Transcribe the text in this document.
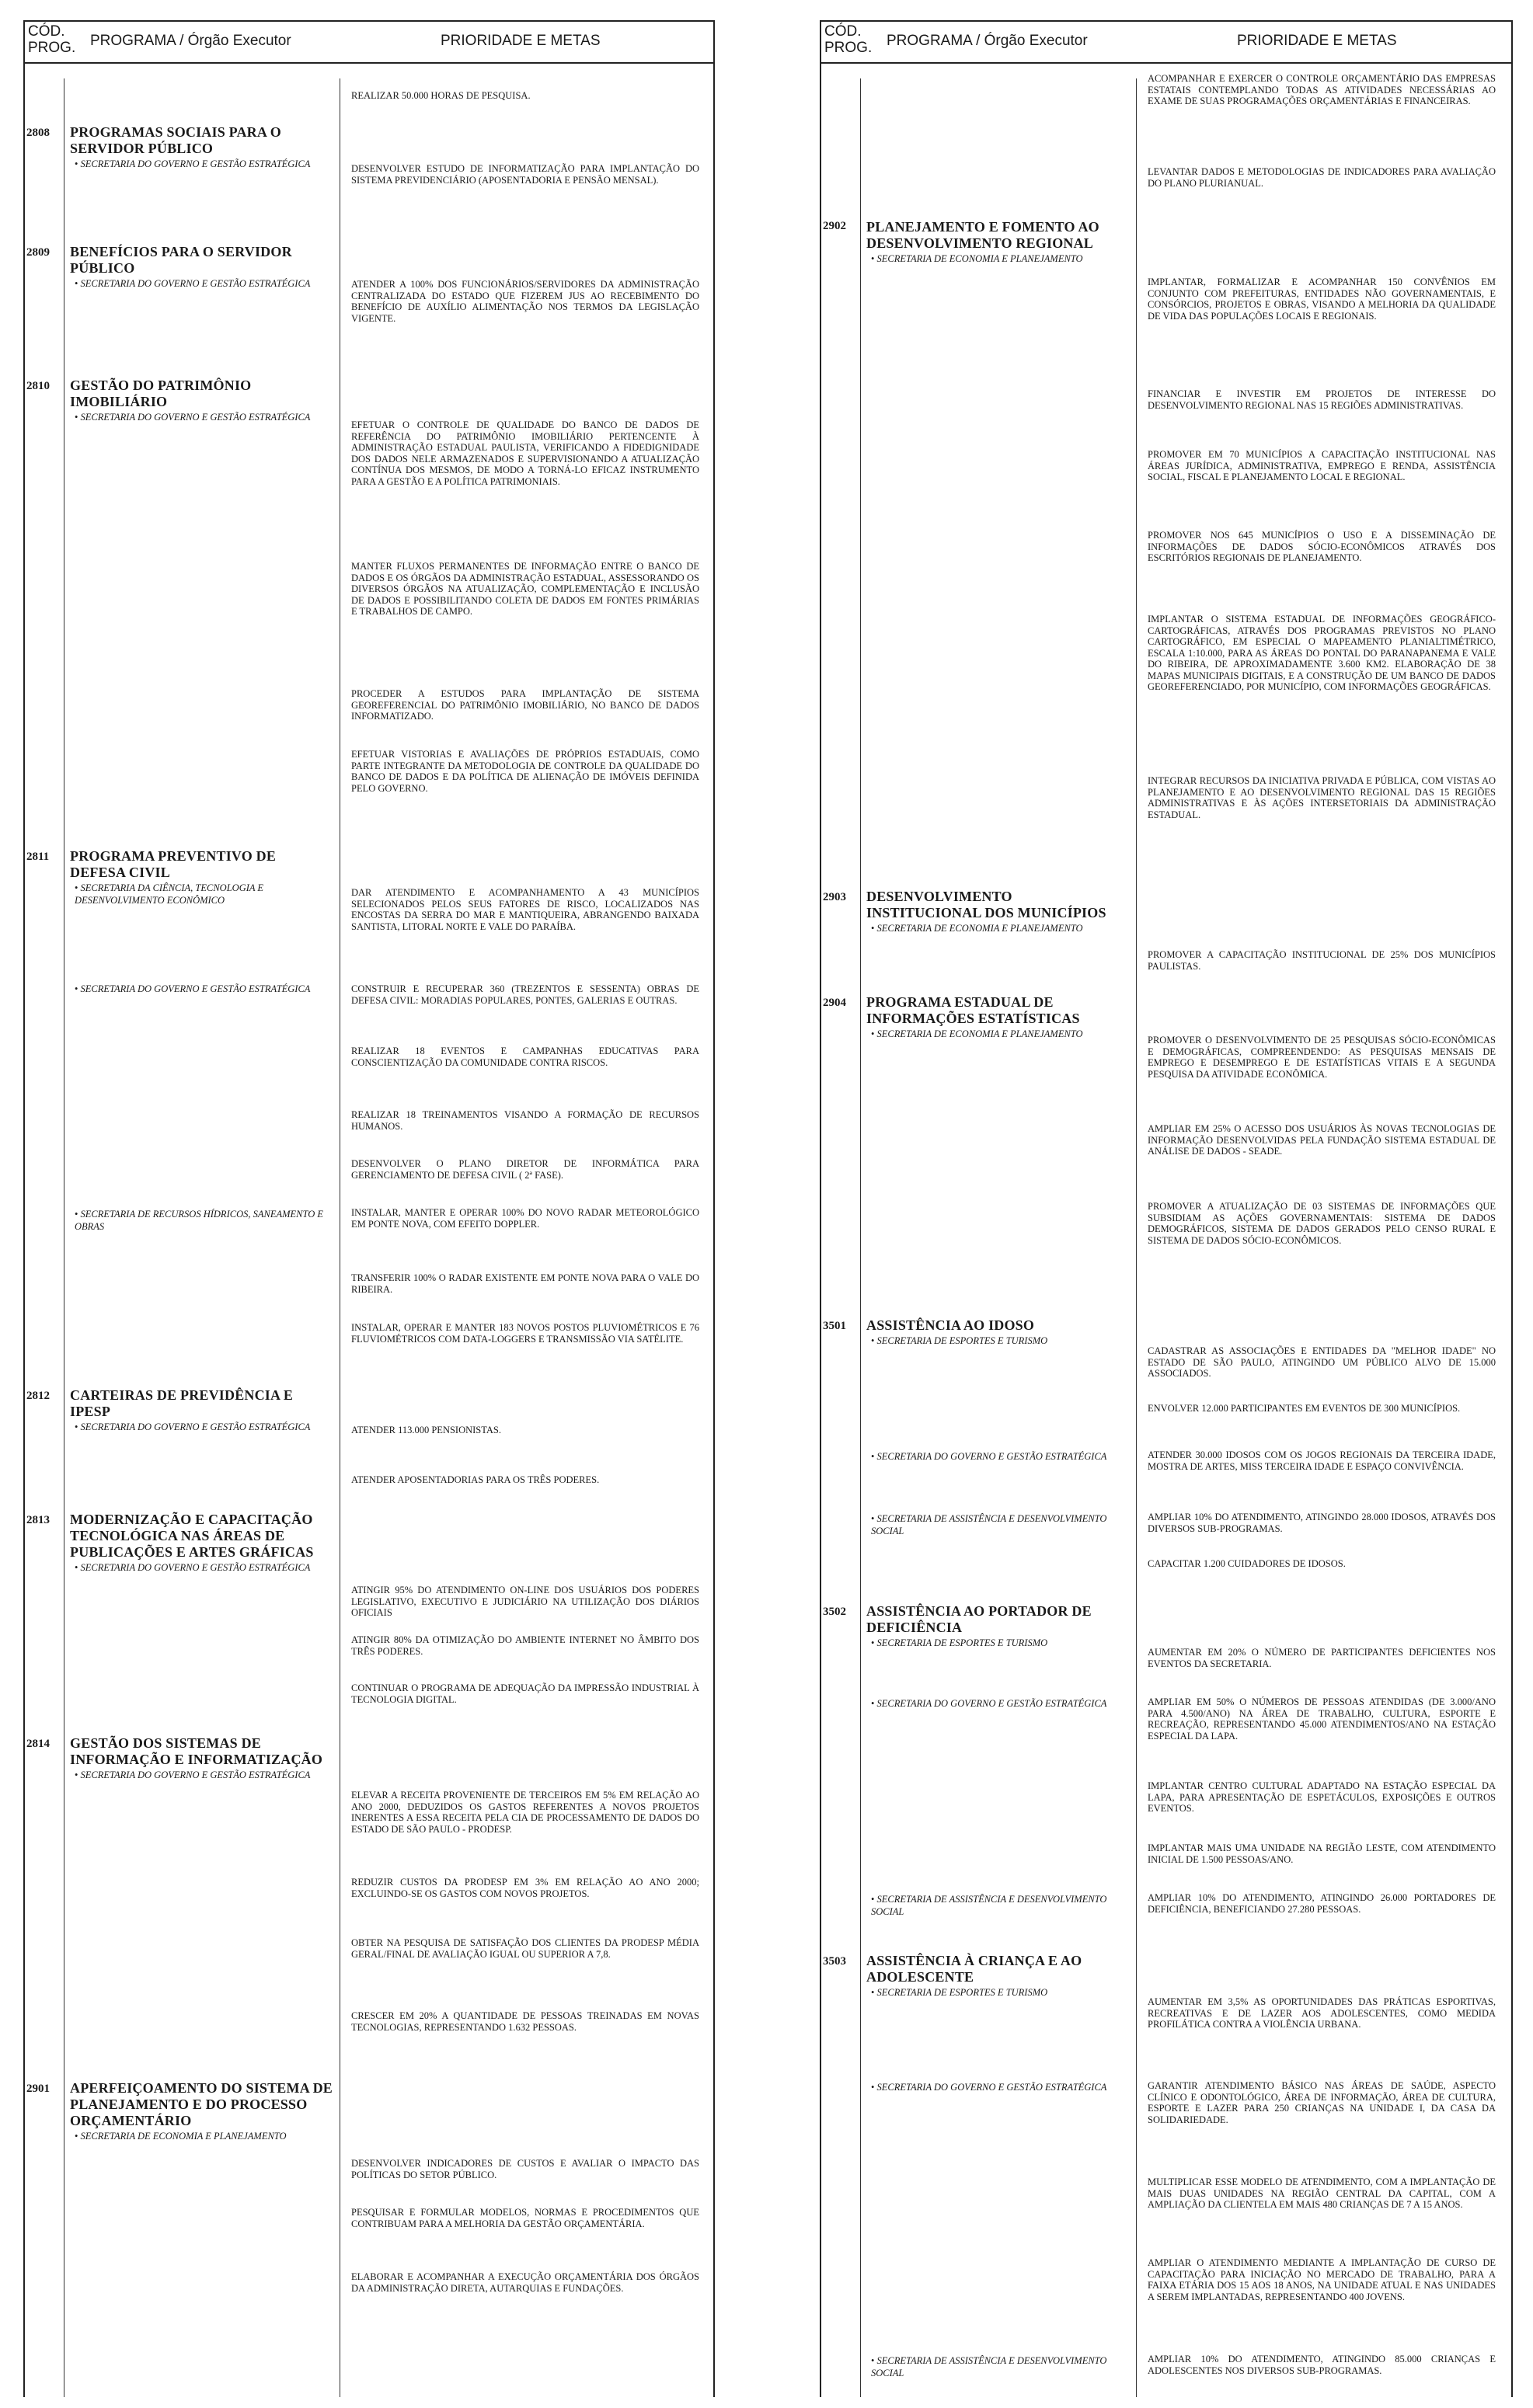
CÓD. PROG. PROGRAMA / Órgão Executor	PRIORIDADE E METAS
REALIZAR 50.000 HORAS DE PESQUISA.
2808	PROGRAMAS SOCIAIS PARA O SERVIDOR PÚBLICO
• SECRETARIA DO GOVERNO E GESTÃO ESTRATÉGICA	DESENVOLVER ESTUDO DE INFORMATIZAÇÃO PARA IMPLANTAÇÃO DO SISTEMA PREVIDENCIÁRIO (APOSENTADORIA E PENSÃO MENSAL).
2809	BENEFÍCIOS PARA O SERVIDOR PÚBLICO
• SECRETARIA DO GOVERNO E GESTÃO ESTRATÉGICA	ATENDER A 100% DOS FUNCIONÁRIOS/SERVIDORES DA ADMINISTRAÇÃO CENTRALIZADA DO ESTADO QUE FIZEREM JUS AO RECEBIMENTO DO BENEFÍCIO DE AUXÍLIO ALIMENTAÇÃO NOS TERMOS DA LEGISLAÇÃO VIGENTE.
2810	GESTÃO DO PATRIMÔNIO IMOBILIÁRIO
• SECRETARIA DO GOVERNO E GESTÃO ESTRATÉGICA
EFETUAR O CONTROLE DE QUALIDADE DO BANCO DE DADOS DE REFERÊNCIA DO PATRIMÔNIO IMOBILIÁRIO PERTENCENTE À ADMINISTRAÇÃO ESTADUAL PAULISTA, VERIFICANDO A FIDEDIGNIDADE DOS DADOS NELE ARMAZENADOS E SUPERVISIONANDO A ATUALIZAÇÃO CONTÍNUA DOS MESMOS, DE MODO A TORNÁ-LO EFICAZ INSTRUMENTO PARA A GESTÃO E A POLÍTICA PATRIMONIAIS.
MANTER FLUXOS PERMANENTES DE INFORMAÇÃO ENTRE O BANCO DE DADOS E OS ÓRGÃOS DA ADMINISTRAÇÃO ESTADUAL, ASSESSORANDO OS DIVERSOS ÓRGÃOS NA ATUALIZAÇÃO, COMPLEMENTAÇÃO E INCLUSÃO DE DADOS E POSSIBILITANDO COLETA DE DADOS EM FONTES PRIMÁRIAS E TRABALHOS DE CAMPO.
PROCEDER A ESTUDOS PARA IMPLANTAÇÃO DE SISTEMA GEOREFERENCIAL DO PATRIMÔNIO IMOBILIÁRIO, NO BANCO DE DADOS INFORMATIZADO.
EFETUAR VISTORIAS E AVALIAÇÕES DE PRÓPRIOS ESTADUAIS, COMO PARTE INTEGRANTE DA METODOLOGIA DE CONTROLE DA QUALIDADE DO BANCO DE DADOS E DA POLÍTICA DE ALIENAÇÃO DE IMÓVEIS DEFINIDA PELO GOVERNO.
2811	PROGRAMA PREVENTIVO DE DEFESA CIVIL
• SECRETARIA DA CIÊNCIA, TECNOLOGIA E DESENVOLVIMENTO ECONÔMICO
DAR ATENDIMENTO E ACOMPANHAMENTO A 43 MUNICÍPIOS SELECIONADOS PELOS SEUS FATORES DE RISCO, LOCALIZADOS NAS ENCOSTAS DA SERRA DO MAR E MANTIQUEIRA, ABRANGENDO BAIXADA SANTISTA, LITORAL NORTE E VALE DO PARAÍBA.
• SECRETARIA DO GOVERNO E GESTÃO ESTRATÉGICA	CONSTRUIR E RECUPERAR 360 (TREZENTOS E SESSENTA) OBRAS DE DEFESA CIVIL: MORADIAS POPULARES, PONTES, GALERIAS E OUTRAS.
REALIZAR 18 EVENTOS E CAMPANHAS EDUCATIVAS PARA CONSCIENTIZAÇÃO DA COMUNIDADE CONTRA RISCOS.
REALIZAR 18 TREINAMENTOS VISANDO A FORMAÇÃO DE RECURSOS HUMANOS.
DESENVOLVER O PLANO DIRETOR DE INFORMÁTICA PARA GERENCIAMENTO DE DEFESA CIVIL ( 2ª FASE).
• SECRETARIA DE RECURSOS HÍDRICOS, SANEAMENTO E OBRAS
INSTALAR, MANTER E OPERAR 100% DO NOVO RADAR METEOROLÓGICO EM PONTE NOVA, COM EFEITO DOPPLER.
TRANSFERIR 100% O RADAR EXISTENTE EM PONTE NOVA PARA O VALE DO RIBEIRA.
INSTALAR, OPERAR E MANTER 183 NOVOS POSTOS PLUVIOMÉTRICOS E 76 FLUVIOMÉTRICOS COM DATA-LOGGERS E TRANSMISSÃO VIA SATÉLITE.
2812	CARTEIRAS DE PREVIDÊNCIA E IPESP
• SECRETARIA DO GOVERNO E GESTÃO ESTRATÉGICA	ATENDER 113.000 PENSIONISTAS.
ATENDER APOSENTADORIAS PARA OS TRÊS PODERES.
2813	MODERNIZAÇÃO E CAPACITAÇÃO TECNOLÓGICA NAS ÁREAS DE PUBLICAÇÕES E ARTES GRÁFICAS
• SECRETARIA DO GOVERNO E GESTÃO ESTRATÉGICA
ATINGIR 95% DO ATENDIMENTO ON-LINE DOS USUÁRIOS DOS PODERES LEGISLATIVO, EXECUTIVO E JUDICIÁRIO NA UTILIZAÇÃO DOS DIÁRIOS OFICIAIS
ATINGIR 80% DA OTIMIZAÇÃO DO AMBIENTE INTERNET NO ÂMBITO DOS TRÊS PODERES.
CONTINUAR O PROGRAMA DE ADEQUAÇÃO DA IMPRESSÃO INDUSTRIAL À TECNOLOGIA DIGITAL.
2814	GESTÃO DOS SISTEMAS DE INFORMAÇÃO E INFORMATIZAÇÃO
• SECRETARIA DO GOVERNO E GESTÃO ESTRATÉGICA
ELEVAR A RECEITA PROVENIENTE DE TERCEIROS EM 5% EM RELAÇÃO AO ANO 2000, DEDUZIDOS OS GASTOS REFERENTES A NOVOS PROJETOS INERENTES A ESSA RECEITA PELA CIA DE PROCESSAMENTO DE DADOS DO ESTADO DE SÃO PAULO - PRODESP.
REDUZIR CUSTOS DA PRODESP EM 3% EM RELAÇÃO AO ANO 2000; EXCLUINDO-SE OS GASTOS COM NOVOS PROJETOS.
OBTER NA PESQUISA DE SATISFAÇÃO DOS CLIENTES DA PRODESP MÉDIA GERAL/FINAL DE AVALIAÇÃO IGUAL OU SUPERIOR A 7,8.
CRESCER EM 20% A QUANTIDADE DE PESSOAS TREINADAS EM NOVAS TECNOLOGIAS, REPRESENTANDO 1.632 PESSOAS.
2901	APERFEIÇOAMENTO DO SISTEMA DE PLANEJAMENTO E DO PROCESSO ORÇAMENTÁRIO
• SECRETARIA DE ECONOMIA E PLANEJAMENTO
DESENVOLVER INDICADORES DE CUSTOS E AVALIAR O IMPACTO DAS POLÍTICAS DO SETOR PÚBLICO.
PESQUISAR E FORMULAR MODELOS, NORMAS E PROCEDIMENTOS QUE CONTRIBUAM PARA A MELHORIA DA GESTÃO ORÇAMENTÁRIA.
ELABORAR E ACOMPANHAR A EXECUÇÃO ORÇAMENTÁRIA DOS ÓRGÃOS DA ADMINISTRAÇÃO DIRETA, AUTARQUIAS E FUNDAÇÕES.
CÓD. PROG. PROGRAMA / Órgão Executor	PRIORIDADE E METAS
ACOMPANHAR E EXERCER O CONTROLE ORÇAMENTÁRIO DAS EMPRESAS ESTATAIS CONTEMPLANDO TODAS AS ATIVIDADES NECESSÁRIAS AO EXAME DE SUAS PROGRAMAÇÕES ORÇAMENTÁRIAS E FINANCEIRAS.
LEVANTAR DADOS E METODOLOGIAS DE INDICADORES PARA AVALIAÇÃO DO PLANO PLURIANUAL.
2902	PLANEJAMENTO E FOMENTO AO DESENVOLVIMENTO REGIONAL
• SECRETARIA DE ECONOMIA E PLANEJAMENTO
IMPLANTAR, FORMALIZAR E ACOMPANHAR 150 CONVÊNIOS EM CONJUNTO COM PREFEITURAS, ENTIDADES NÃO GOVERNAMENTAIS, E CONSÓRCIOS, PROJETOS E OBRAS, VISANDO A MELHORIA DA QUALIDADE DE VIDA DAS POPULAÇÕES LOCAIS E REGIONAIS.
FINANCIAR E INVESTIR EM PROJETOS DE INTERESSE DO DESENVOLVIMENTO REGIONAL NAS 15 REGIÕES ADMINISTRATIVAS.
PROMOVER EM 70 MUNICÍPIOS A CAPACITAÇÃO INSTITUCIONAL NAS ÁREAS JURÍDICA, ADMINISTRATIVA, EMPREGO E RENDA, ASSISTÊNCIA SOCIAL, FISCAL E PLANEJAMENTO LOCAL E REGIONAL.
PROMOVER NOS 645 MUNICÍPIOS O USO E A DISSEMINAÇÃO DE INFORMAÇÕES DE DADOS SÓCIO-ECONÔMICOS ATRAVÉS DOS ESCRITÓRIOS REGIONAIS DE PLANEJAMENTO.
IMPLANTAR O SISTEMA ESTADUAL DE INFORMAÇÕES GEOGRÁFICO-CARTOGRÁFICAS, ATRAVÉS DOS PROGRAMAS PREVISTOS NO PLANO CARTOGRÁFICO, EM ESPECIAL O MAPEAMENTO PLANIALTIMÉTRICO, ESCALA 1:10.000, PARA AS ÁREAS DO PONTAL DO PARANAPANEMA E VALE DO RIBEIRA, DE APROXIMADAMENTE 3.600 KM2. ELABORAÇÃO DE 38 MAPAS MUNICIPAIS DIGITAIS, E A CONSTRUÇÃO DE UM BANCO DE DADOS GEOREFERENCIADO, POR MUNICÍPIO, COM INFORMAÇÕES GEOGRÁFICAS.
INTEGRAR RECURSOS DA INICIATIVA PRIVADA E PÚBLICA, COM VISTAS AO PLANEJAMENTO E AO DESENVOLVIMENTO REGIONAL DAS 15 REGIÕES ADMINISTRATIVAS E ÀS AÇÕES INTERSETORIAIS DA ADMINISTRAÇÃO ESTADUAL.
2903	DESENVOLVIMENTO INSTITUCIONAL DOS MUNICÍPIOS
• SECRETARIA DE ECONOMIA E PLANEJAMENTO
PROMOVER A CAPACITAÇÃO INSTITUCIONAL DE 25% DOS MUNICÍPIOS PAULISTAS.
2904	PROGRAMA ESTADUAL DE INFORMAÇÕES ESTATÍSTICAS
• SECRETARIA DE ECONOMIA E PLANEJAMENTO
PROMOVER O DESENVOLVIMENTO DE 25 PESQUISAS SÓCIO-ECONÔMICAS E DEMOGRÁFICAS, COMPREENDENDO: AS PESQUISAS MENSAIS DE EMPREGO E DESEMPREGO E DE ESTATÍSTICAS VITAIS E A SEGUNDA PESQUISA DA ATIVIDADE ECONÔMICA.
AMPLIAR EM 25% O ACESSO DOS USUÁRIOS ÀS NOVAS TECNOLOGIAS DE INFORMAÇÃO DESENVOLVIDAS PELA FUNDAÇÃO SISTEMA ESTADUAL DE ANÁLISE DE DADOS - SEADE.
PROMOVER A ATUALIZAÇÃO DE 03 SISTEMAS DE INFORMAÇÕES QUE SUBSIDIAM AS AÇÕES GOVERNAMENTAIS: SISTEMA DE DADOS DEMOGRÁFICOS, SISTEMA DE DADOS GERADOS PELO CENSO RURAL E SISTEMA DE DADOS SÓCIO-ECONÔMICOS.
3501	ASSISTÊNCIA AO IDOSO
• SECRETARIA DE ESPORTES E TURISMO
CADASTRAR AS ASSOCIAÇÕES E ENTIDADES DA "MELHOR IDADE" NO ESTADO DE SÃO PAULO, ATINGINDO UM PÚBLICO ALVO DE 15.000 ASSOCIADOS.
ENVOLVER 12.000 PARTICIPANTES EM EVENTOS DE 300 MUNICÍPIOS.
• SECRETARIA DO GOVERNO E GESTÃO ESTRATÉGICA	ATENDER 30.000 IDOSOS COM OS JOGOS REGIONAIS DA TERCEIRA IDADE, MOSTRA DE ARTES, MISS TERCEIRA IDADE E ESPAÇO CONVIVÊNCIA.
• SECRETARIA DE ASSISTÊNCIA E DESENVOLVIMENTO SOCIAL
AMPLIAR 10% DO ATENDIMENTO, ATINGINDO 28.000 IDOSOS, ATRAVÉS DOS DIVERSOS SUB-PROGRAMAS.
CAPACITAR 1.200 CUIDADORES DE IDOSOS.
3502	ASSISTÊNCIA AO PORTADOR DE DEFICIÊNCIA
• SECRETARIA DE ESPORTES E TURISMO
AUMENTAR EM 20% O NÚMERO DE PARTICIPANTES DEFICIENTES NOS EVENTOS DA SECRETARIA.
• SECRETARIA DO GOVERNO E GESTÃO ESTRATÉGICA	AMPLIAR EM 50% O NÚMEROS DE PESSOAS ATENDIDAS (DE 3.000/ANO PARA 4.500/ANO) NA ÁREA DE TRABALHO, CULTURA, ESPORTE E RECREAÇÃO, REPRESENTANDO 45.000 ATENDIMENTOS/ANO NA ESTAÇÃO ESPECIAL DA LAPA.
IMPLANTAR CENTRO CULTURAL ADAPTADO NA ESTAÇÃO ESPECIAL DA LAPA, PARA APRESENTAÇÃO DE ESPETÁCULOS, EXPOSIÇÕES E OUTROS EVENTOS.
IMPLANTAR MAIS UMA UNIDADE NA REGIÃO LESTE, COM ATENDIMENTO INICIAL DE 1.500 PESSOAS/ANO.
• SECRETARIA DE ASSISTÊNCIA E DESENVOLVIMENTO SOCIAL
AMPLIAR 10% DO ATENDIMENTO, ATINGINDO 26.000 PORTADORES DE DEFICIÊNCIA, BENEFICIANDO 27.280 PESSOAS.
3503	ASSISTÊNCIA À CRIANÇA E AO ADOLESCENTE
• SECRETARIA DE ESPORTES E TURISMO
AUMENTAR EM 3,5% AS OPORTUNIDADES DAS PRÁTICAS ESPORTIVAS, RECREATIVAS E DE LAZER AOS ADOLESCENTES, COMO MEDIDA PROFILÁTICA CONTRA A VIOLÊNCIA URBANA.
• SECRETARIA DO GOVERNO E GESTÃO ESTRATÉGICA	GARANTIR ATENDIMENTO BÁSICO NAS ÁREAS DE SAÚDE, ASPECTO CLÍNICO E ODONTOLÓGICO, ÁREA DE INFORMAÇÃO, ÁREA DE CULTURA, ESPORTE E LAZER PARA 250 CRIANÇAS NA UNIDADE I, DA CASA DA SOLIDARIEDADE.
MULTIPLICAR ESSE MODELO DE ATENDIMENTO, COM A IMPLANTAÇÃO DE MAIS DUAS UNIDADES NA REGIÃO CENTRAL DA CAPITAL, COM A AMPLIAÇÃO DA CLIENTELA EM MAIS 480 CRIANÇAS DE 7 A 15 ANOS.
AMPLIAR O ATENDIMENTO MEDIANTE A IMPLANTAÇÃO DE CURSO DE CAPACITAÇÃO PARA INICIAÇÃO NO MERCADO DE TRABALHO, PARA A FAIXA ETÁRIA DOS 15 AOS 18 ANOS, NA UNIDADE ATUAL E NAS UNIDADES A SEREM IMPLANTADAS, REPRESENTANDO 400 JOVENS.
• SECRETARIA DE ASSISTÊNCIA E DESENVOLVIMENTO SOCIAL
AMPLIAR 10% DO ATENDIMENTO, ATINGINDO 85.000 CRIANÇAS E ADOLESCENTES NOS DIVERSOS SUB-PROGRAMAS.
